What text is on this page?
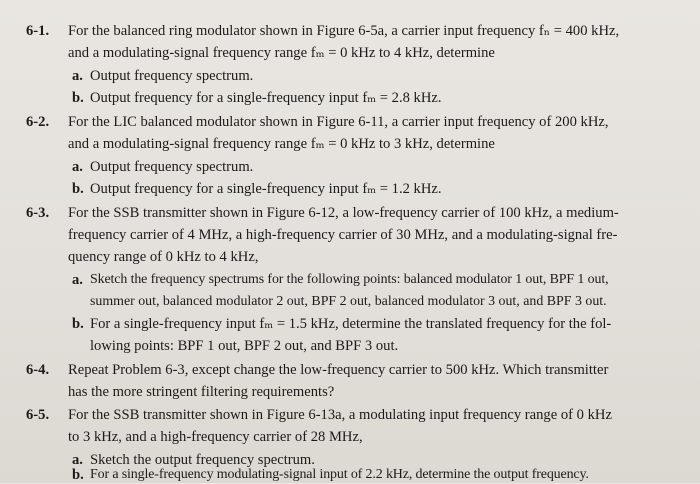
6-1. For the balanced ring modulator shown in Figure 6-5a, a carrier input frequency fₙ = 400 kHz,
and a modulating-signal frequency range fₘ = 0 kHz to 4 kHz, determine
a. Output frequency spectrum.
b. Output frequency for a single-frequency input fₘ = 2.8 kHz.
6-2. For the LIC balanced modulator shown in Figure 6-11, a carrier input frequency of 200 kHz,
and a modulating-signal frequency range fₘ = 0 kHz to 3 kHz, determine
a. Output frequency spectrum.
b. Output frequency for a single-frequency input fₘ = 1.2 kHz.
6-3. For the SSB transmitter shown in Figure 6-12, a low-frequency carrier of 100 kHz, a medium-
frequency carrier of 4 MHz, a high-frequency carrier of 30 MHz, and a modulating-signal fre-
quency range of 0 kHz to 4 kHz,
a. Sketch the frequency spectrums for the following points: balanced modulator 1 out, BPF 1 out,
summer out, balanced modulator 2 out, BPF 2 out, balanced modulator 3 out, and BPF 3 out.
b. For a single-frequency input fₘ = 1.5 kHz, determine the translated frequency for the fol-
lowing points: BPF 1 out, BPF 2 out, and BPF 3 out.
6-4. Repeat Problem 6-3, except change the low-frequency carrier to 500 kHz. Which transmitter
has the more stringent filtering requirements?
6-5. For the SSB transmitter shown in Figure 6-13a, a modulating input frequency range of 0 kHz
to 3 kHz, and a high-frequency carrier of 28 MHz,
a. Sketch the output frequency spectrum.
b. For a single-frequency modulating-signal input of 2.2 kHz, determine the output frequency.
